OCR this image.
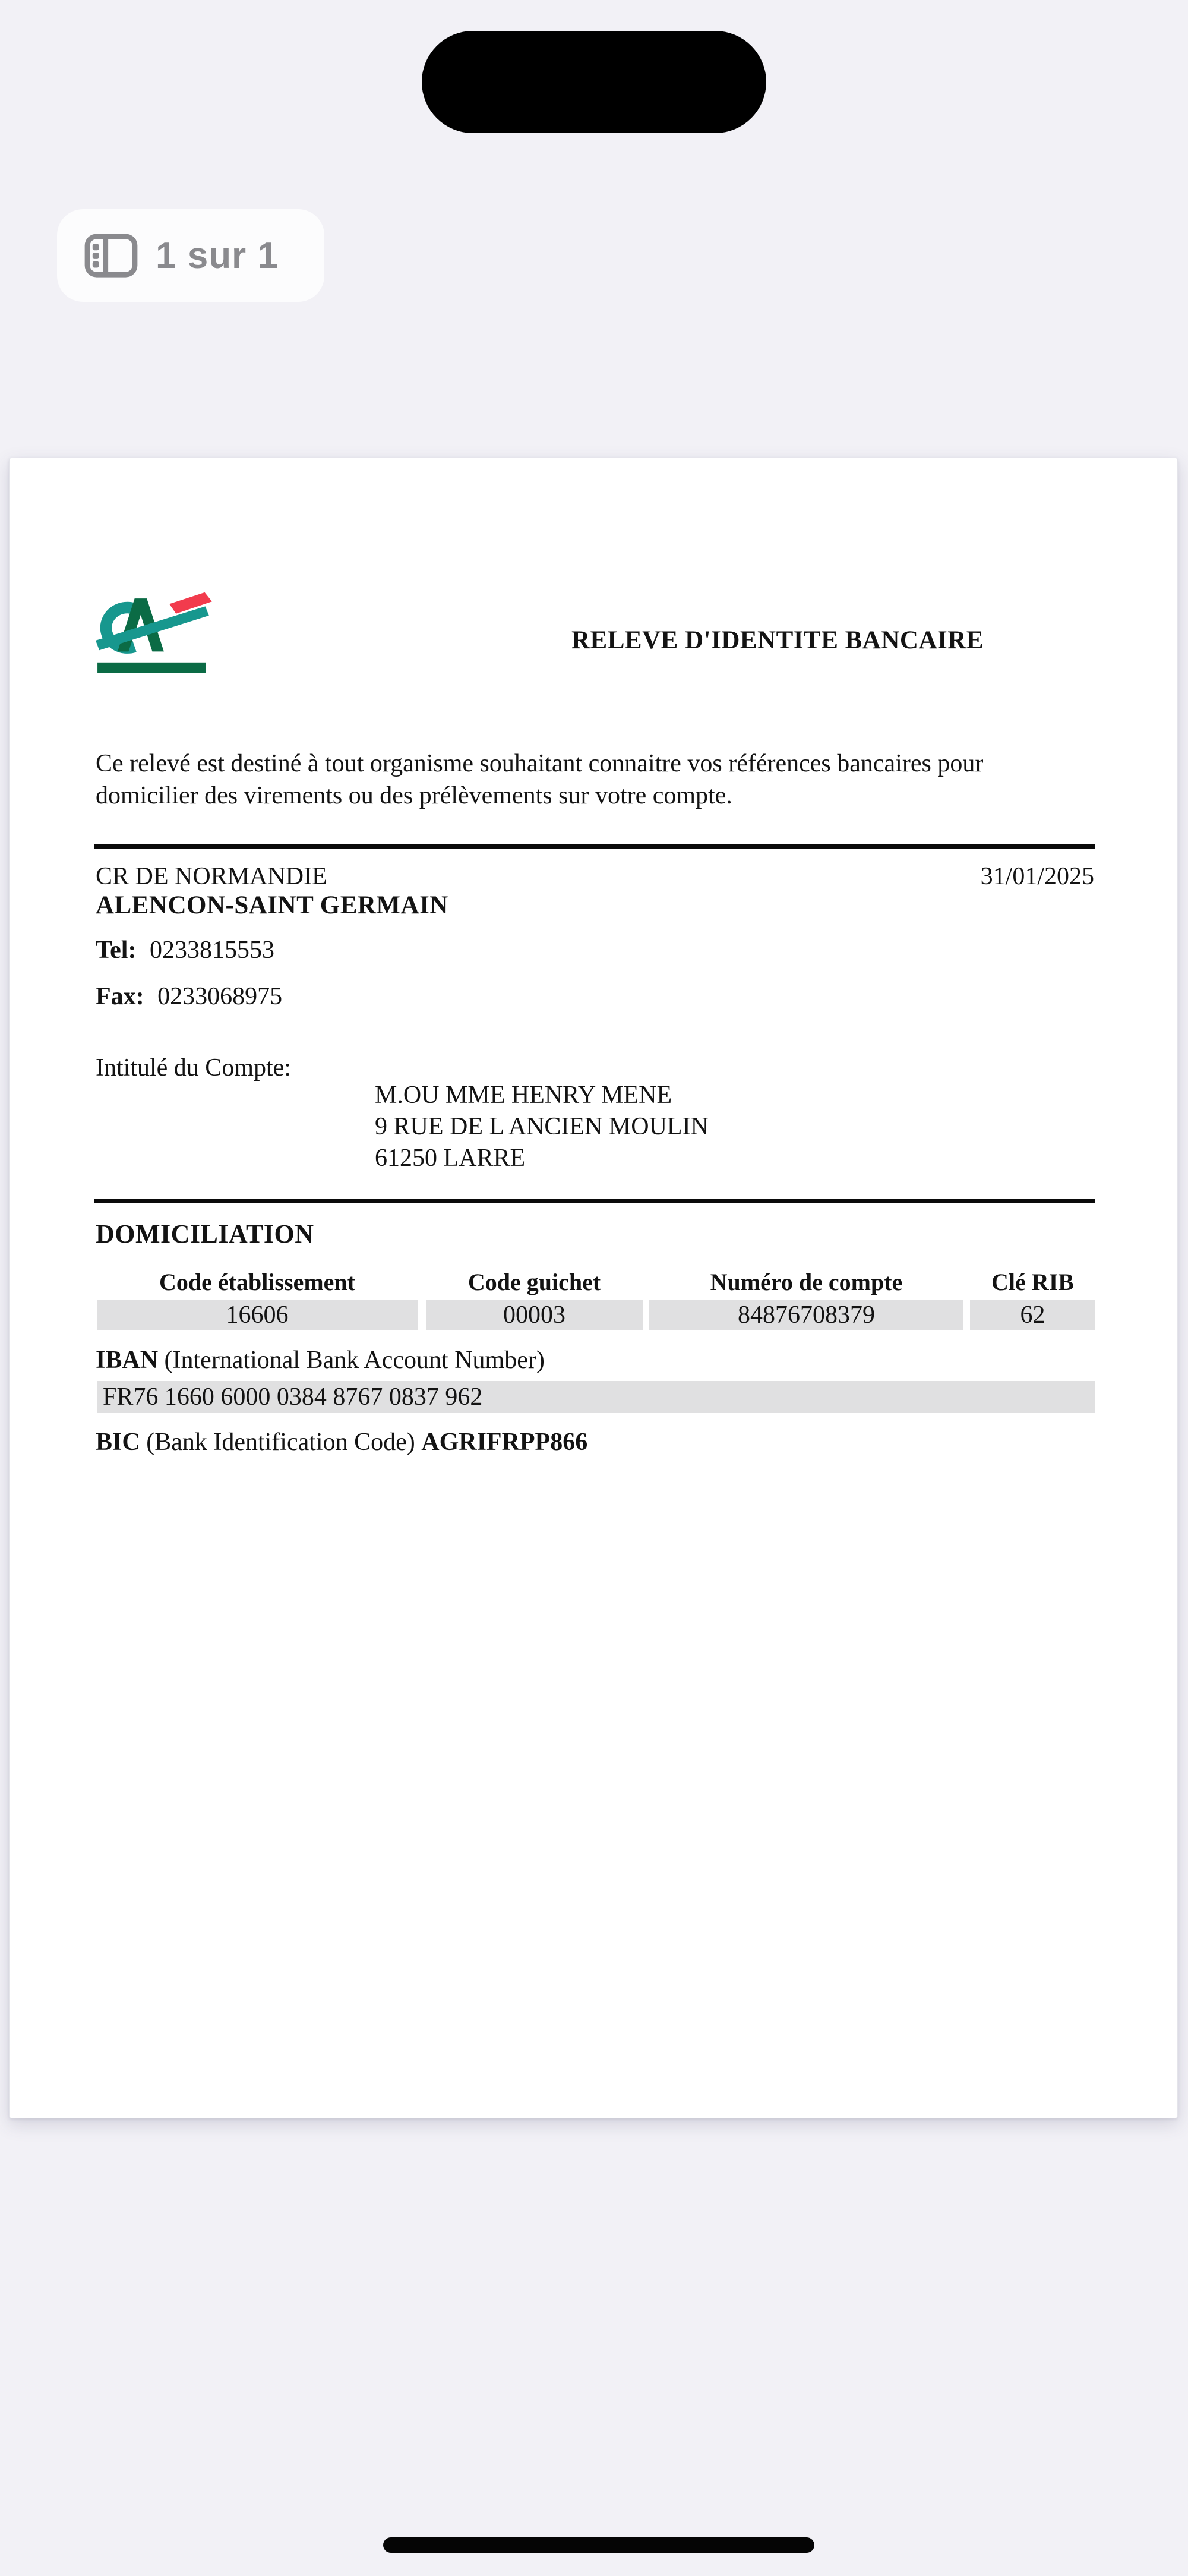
1 sur 1
RELEVE D'IDENTITE BANCAIRE
Ce relevé est destiné à tout organisme souhaitant connaitre vos références bancaires pour domicilier des virements ou des prélèvements sur votre compte.
CR DE NORMANDIE	31/01/2025
ALENCON-SAINT GERMAIN
Tel: 0233815553
Fax: 0233068975
Intitulé du Compte:
M.OU MME HENRY MENE
9 RUE DE L ANCIEN MOULIN
61250 LARRE
DOMICILIATION
Code établissement	Code guichet	Numéro de compte	Clé RIB
16606	00003	84876708379	62
IBAN (International Bank Account Number)
FR76 1660 6000 0384 8767 0837 962
BIC (Bank Identification Code) AGRIFRPP866
